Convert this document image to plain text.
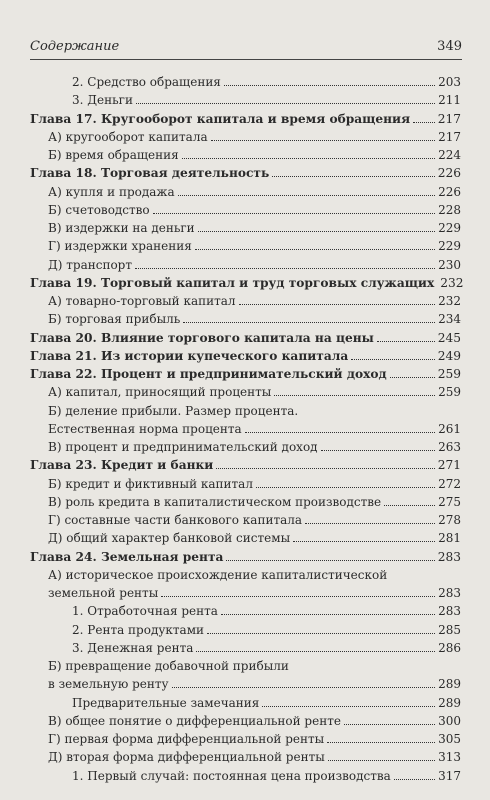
Содержание	349
2. Средство обращения	203
3. Деньги	211
Глава 17. Кругооборот капитала и время обращения 217
А) кругооборот капитала	217
Б) время обращения	224
Глава 18. Торговая деятельность	226
А) купля и продажа	226
Б) счетоводство	228
В) издержки на деньги	229
Г) издержки хранения	229
Д) транспорт	230
Глава 19. Торговый капитал и труд торговых служащих 232
А) товарно-торговый капитал	232
Б) торговая прибыль	234
Глава 20. Влияние торгового капитала на цены	245
Глава 21. Из истории купеческого капитала	249
Глава 22. Процент и предпринимательский доход	259
А) капитал, приносящий проценты	259
Б) деление прибыли. Размер процента.
Естественная норма процента	261
В) процент и предпринимательский доход	263
Глава 23. Кредит и банки	271
Б) кредит и фиктивный капитал	272
В) роль кредита в капиталистическом производстве	275
Г) составные части банкового капитала	278
Д) общий характер банковой системы	281
Глава 24. Земельная рента	283
А) историческое происхождение капиталистической
земельной ренты	283
1. Отработочная рента	283
2. Рента продуктами	285
3. Денежная рента	286
Б) превращение добавочной прибыли
в земельную ренту	289
Предварительные замечания	289
В) общее понятие о дифференциальной ренте	300
Г) первая форма дифференциальной ренты	305
Д) вторая форма дифференциальной ренты	313
1. Первый случай: постоянная цена производства	317
